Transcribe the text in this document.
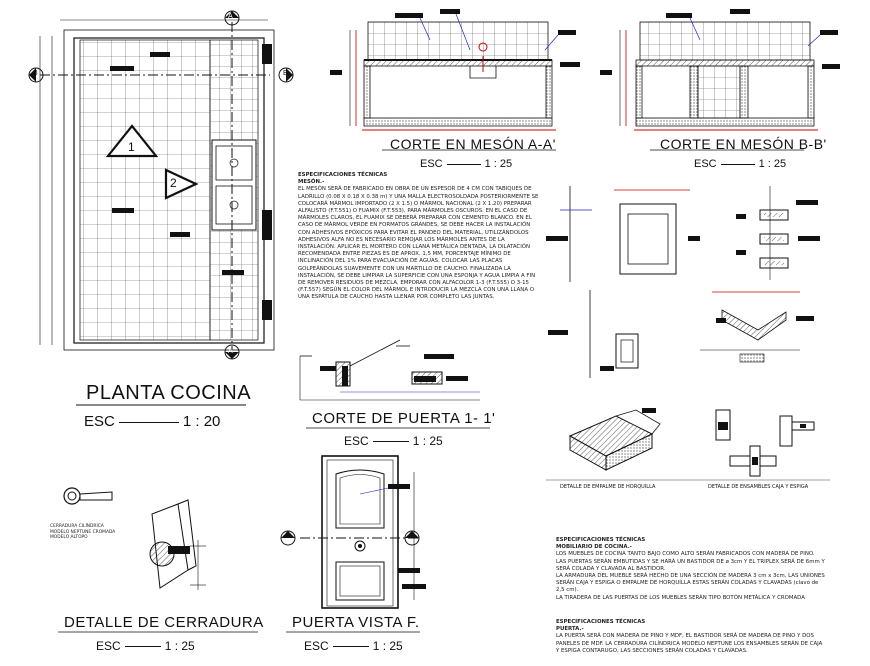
A
A
B	B
1
2
1	1
PLANTA COCINA
ESC	1 : 20
CORTE EN MESÓN A-A'
ESC	1 : 25
CORTE EN MESÓN B-B'
ESC	1 : 25
CORTE DE PUERTA 1- 1'
ESC	1 : 25
DETALLE DE CERRADURA
ESC	1 : 25
PUERTA VISTA F.
ESC	1 : 25
DETALLE DE EMPALME DE HORQUILLA	DETALLE DE ENSAMBLES CAJA Y ESPIGA
CERRADURA CILÍNDRICA MODELO NEPTUNE CROMADA MODELO ALTOPO

ESPECIFICACIONES TÉCNICAS

MESÓN.-

EL MESÓN SERÁ DE FABRICADO EN OBRA DE UN ESPESOR DE 4 CM CON TABIQUES DE LADRILLO (0.08 X 0.18 X 0.38 m) Y UNA MALLA ELECTROSOLDADA POSTERIORMENTE SE COLOCARÁ MÁRMOL IMPORTADO (2 X 1.5) O MÁRMOL NACIONAL (2 X 1.20) PREPARAR ALFALISTO (F.T.551) O FUAMIX (F.T.553), PARA MÁRMOLES OSCUROS. EN EL CASO DE MÁRMOLES CLAROS, EL FUAMIX SE DEBERÁ PREPARAR CON CEMENTO BLANCO. EN EL CASO DE MÁRMOL VERDE EN FORMATOS GRANDES, SE DEBE HACER LA INSTALACIÓN CON ADHESIVOS EPÓXICOS PARA EVITAR EL PANDEO DEL MATERIAL, UTILIZÁNDOLOS ADHESIVOS ALFA NO ES NECESARIO REMOJAR LOS MÁRMOLES ANTES DE LA INSTALACIÓN. APLICAR EL MORTERO CON LLANA METÁLICA DENTADA, LA DILATACIÓN RECOMENDADA ENTRE PIEZAS ES DE APROX. 1,5 MM, PORCENTAJE MÍNIMO DE INCLINACIÓN DEL 1% PARA EVACUACIÓN DE AGUAS. COLOCAR LAS PLACAS GOLPEÁNDOLAS SUAVEMENTE CON UN MARTILLO DE CAUCHO. FINALIZADA LA INSTALACIÓN, SE DEBE LIMPIAR LA SUPERFICIE CON UNA ESPONJA Y AGUA LIMPIA A FIN DE REMOVER RESIDUOS DE MEZCLA. EMPORAR CON ALFACOLOR 1-3 (F.T.555) O 3-15 (F.T.557) SEGÚN EL COLOR DEL MÁRMOL E INTRODUCIR LA MEZCLA CON UNA LLANA O UNA ESPÁTULA DE CAUCHO HASTA LLENAR POR COMPLETO LAS JUNTAS.

ESPECIFICACIONES TÉCNICAS

MOBILIARIO DE COCINA.-

LOS MUEBLES DE COCINA TANTO BAJO COMO ALTO SERÁN FABRICADOS CON MADERA DE PINO. LAS PUERTAS SERÁN EMBUTIDAS Y SE HARÁ UN BASTIDOR DE ø 3cm Y EL TRIPLEX SERÁ DE 6mm Y SERÁ COLADA Y CLAVADA AL BASTIDOR.

LA ARMADURA DEL MUEBLE SERÁ HECHO DE UNA SECCIÓN DE MADERA 3 cm x 3cm, LAS UNIONES SERÁN CAJA Y ESPIGA O EMPALME DE HORQUILLA ESTAS SERÁN COLADAS Y CLAVADAS (clavo de 2,5 cm).

LA TIRADERA DE LAS PUERTAS DE LOS MUEBLES SERÁN TIPO BOTÓN METÁLICA Y CROMADA

ESPECIFICACIONES TÉCNICAS

PUERTA.-

LA PUERTA SERÁ CON MADERA DE PINO Y MDF, EL BASTIDOR SERÁ DE MADERA DE PINO Y DOS PANELES DE MDF. LA CERRADURA CILÍNDRICA MODELO NEPTUNE LOS ENSAMBLES SERÁN DE CAJA Y ESPIGA CONTARUGO, LAS SECCIONES SERÁN COLADAS Y CLAVADAS.
